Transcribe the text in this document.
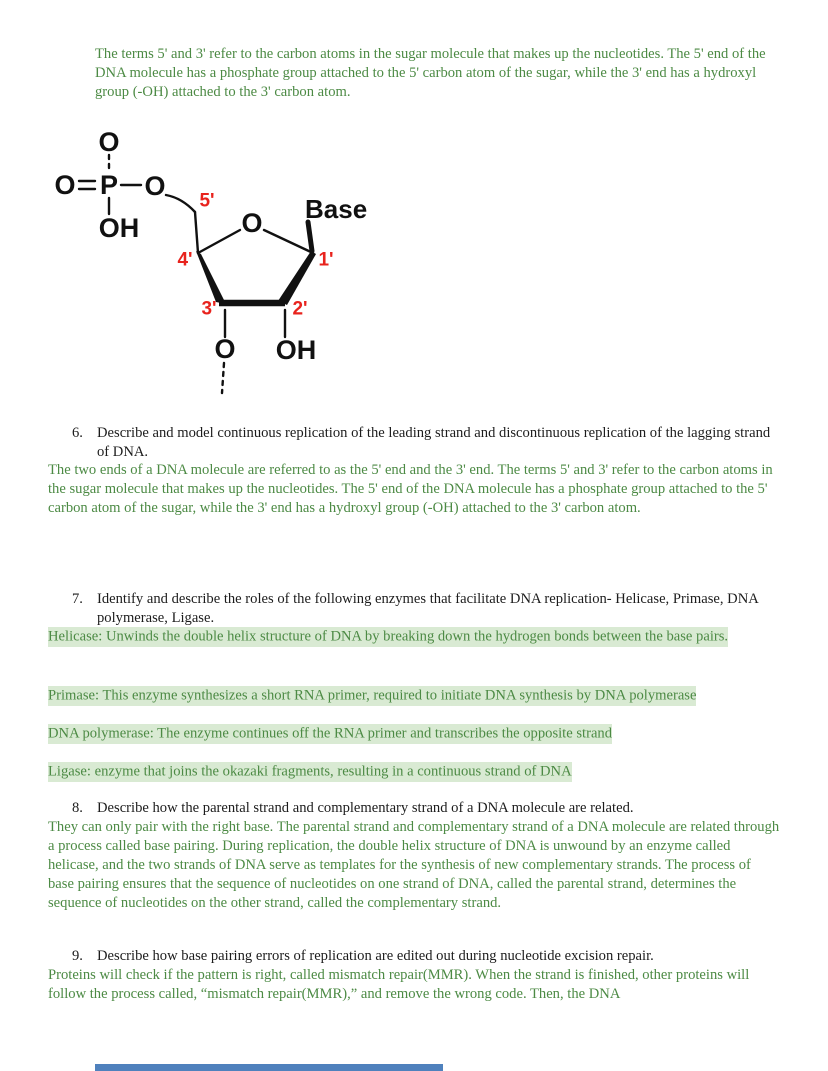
The terms 5' and 3' refer to the carbon atoms in the sugar molecule that makes up the nucleotides. The 5' end of the DNA molecule has a phosphate group attached to the 5' carbon atom of the sugar, while the 3' end has a hydroxyl group (-OH) attached to the 3' carbon atom.
O
O P O
OH
5'
O Base
4'	1'
3'	2'
O OH
6. Describe and model continuous replication of the leading strand and discontinuous replication of the lagging strand of DNA.
The two ends of a DNA molecule are referred to as the 5' end and the 3' end. The terms 5' and 3' refer to the carbon atoms in the sugar molecule that makes up the nucleotides. The 5' end of the DNA molecule has a phosphate group attached to the 5' carbon atom of the sugar, while the 3' end has a hydroxyl group (-OH) attached to the 3' carbon atom.
7. Identify and describe the roles of the following enzymes that facilitate DNA replication- Helicase, Primase, DNA polymerase, Ligase.
Helicase: Unwinds the double helix structure of DNA by breaking down the hydrogen bonds between the base pairs.
Primase: This enzyme synthesizes a short RNA primer, required to initiate DNA synthesis by DNA polymerase
DNA polymerase: The enzyme continues off the RNA primer and transcribes the opposite strand
Ligase: enzyme that joins the okazaki fragments, resulting in a continuous strand of DNA
8. Describe how the parental strand and complementary strand of a DNA molecule are related.
They can only pair with the right base. The parental strand and complementary strand of a DNA molecule are related through a process called base pairing. During replication, the double helix structure of DNA is unwound by an enzyme called helicase, and the two strands of DNA serve as templates for the synthesis of new complementary strands. The process of base pairing ensures that the sequence of nucleotides on one strand of DNA, called the parental strand, determines the sequence of nucleotides on the other strand, called the complementary strand.
9. Describe how base pairing errors of replication are edited out during nucleotide excision repair.
Proteins will check if the pattern is right, called mismatch repair(MMR). When the strand is finished, other proteins will follow the process called, “mismatch repair(MMR),” and remove the wrong code. Then, the DNA
